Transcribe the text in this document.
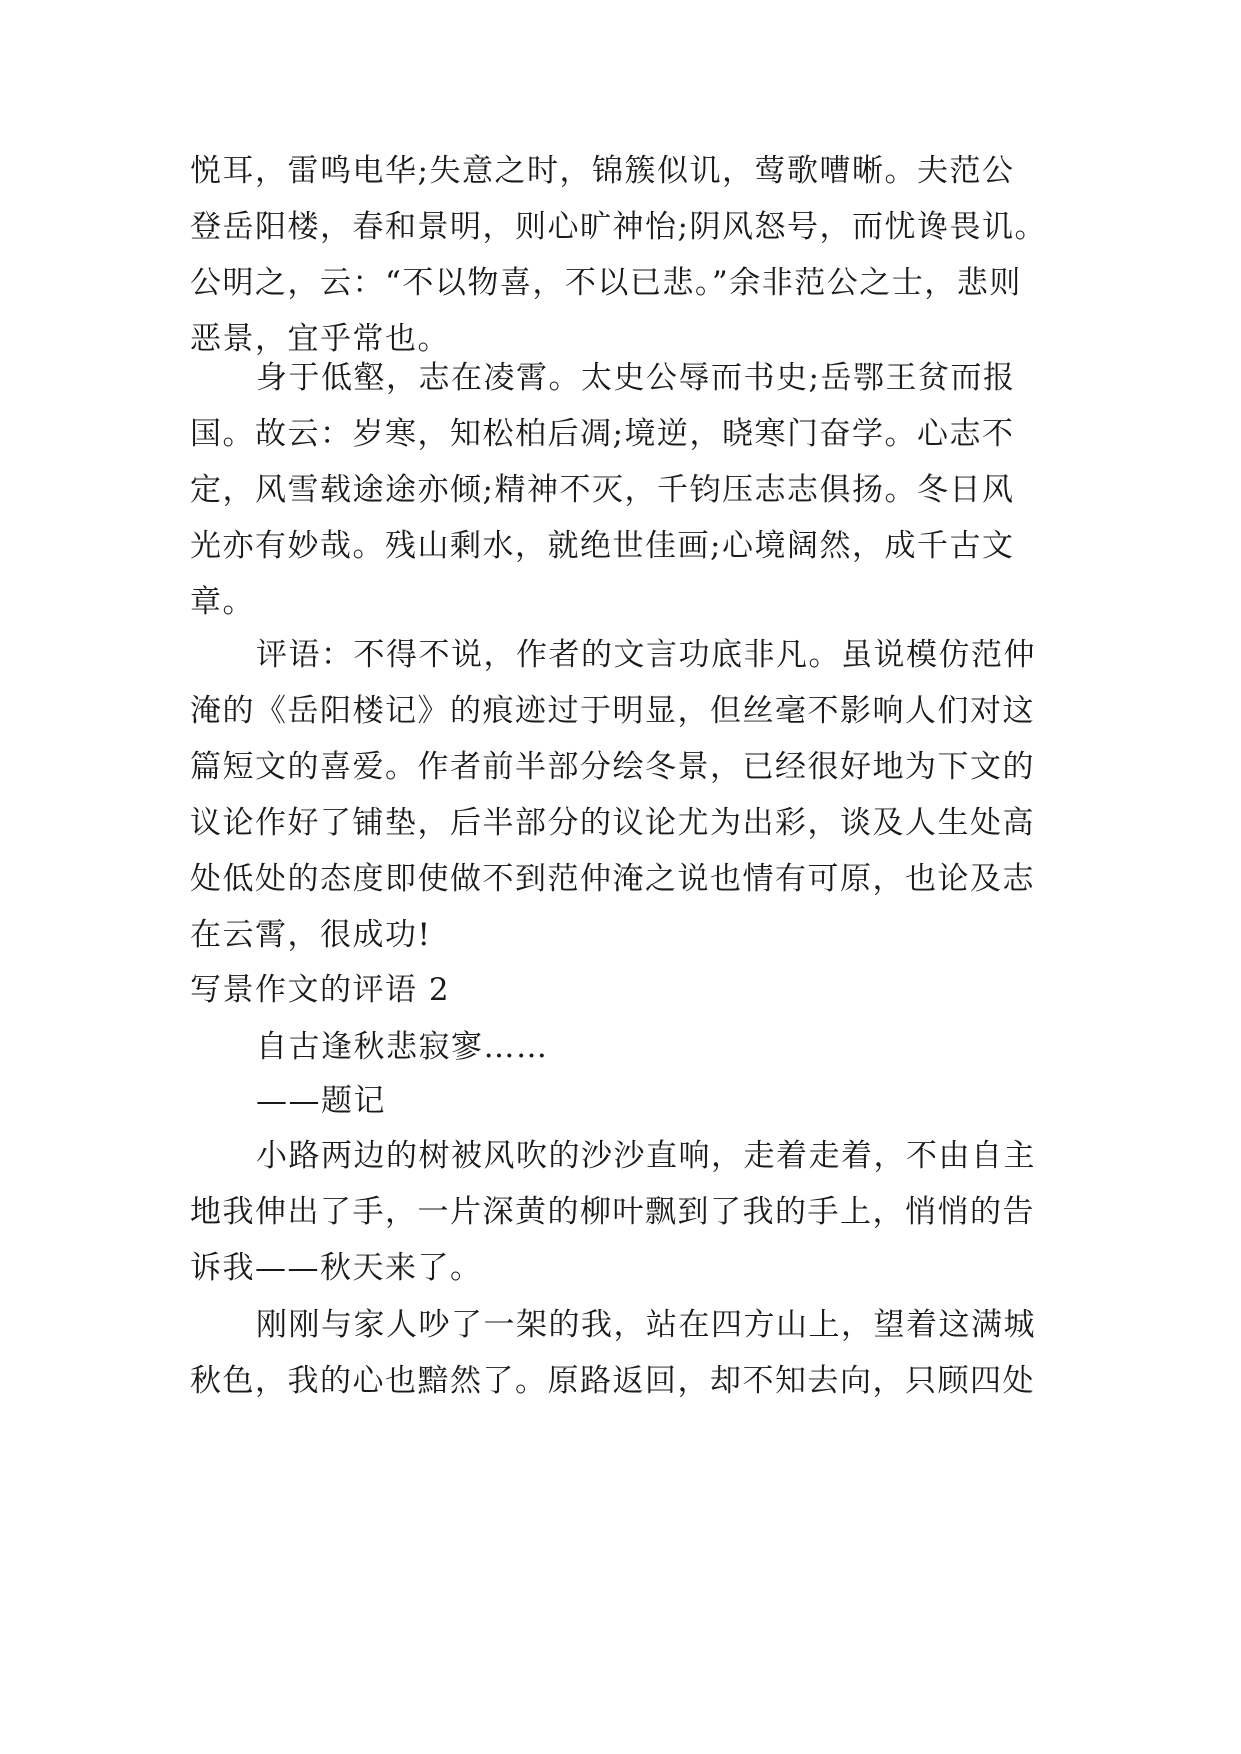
悦耳，雷鸣电华;失意之时，锦簇似讥，莺歌嘈晰。夫范公
登岳阳楼，春和景明，则心旷神怡;阴风怒号，而忧谗畏讥。
公明之，云：“不以物喜，不以已悲。”余非范公之士，悲则
恶景，宜乎常也。
身于低壑，志在凌霄。太史公辱而书史;岳鄂王贫而报
国。故云：岁寒，知松柏后凋;境逆，晓寒门奋学。心志不
定，风雪载途途亦倾;精神不灭，千钧压志志俱扬。冬日风
光亦有妙哉。残山剩水，就绝世佳画;心境阔然，成千古文
章。
评语：不得不说，作者的文言功底非凡。虽说模仿范仲
淹的《岳阳楼记》的痕迹过于明显，但丝毫不影响人们对这
篇短文的喜爱。作者前半部分绘冬景，已经很好地为下文的
议论作好了铺垫，后半部分的议论尤为出彩，谈及人生处高
处低处的态度即使做不到范仲淹之说也情有可原，也论及志
在云霄，很成功!
写景作文的评语 2
自古逢秋悲寂寥……
——题记
小路两边的树被风吹的沙沙直响，走着走着，不由自主
地我伸出了手，一片深黄的柳叶飘到了我的手上，悄悄的告
诉我——秋天来了。
刚刚与家人吵了一架的我，站在四方山上，望着这满城
秋色，我的心也黯然了。原路返回，却不知去向，只顾四处
